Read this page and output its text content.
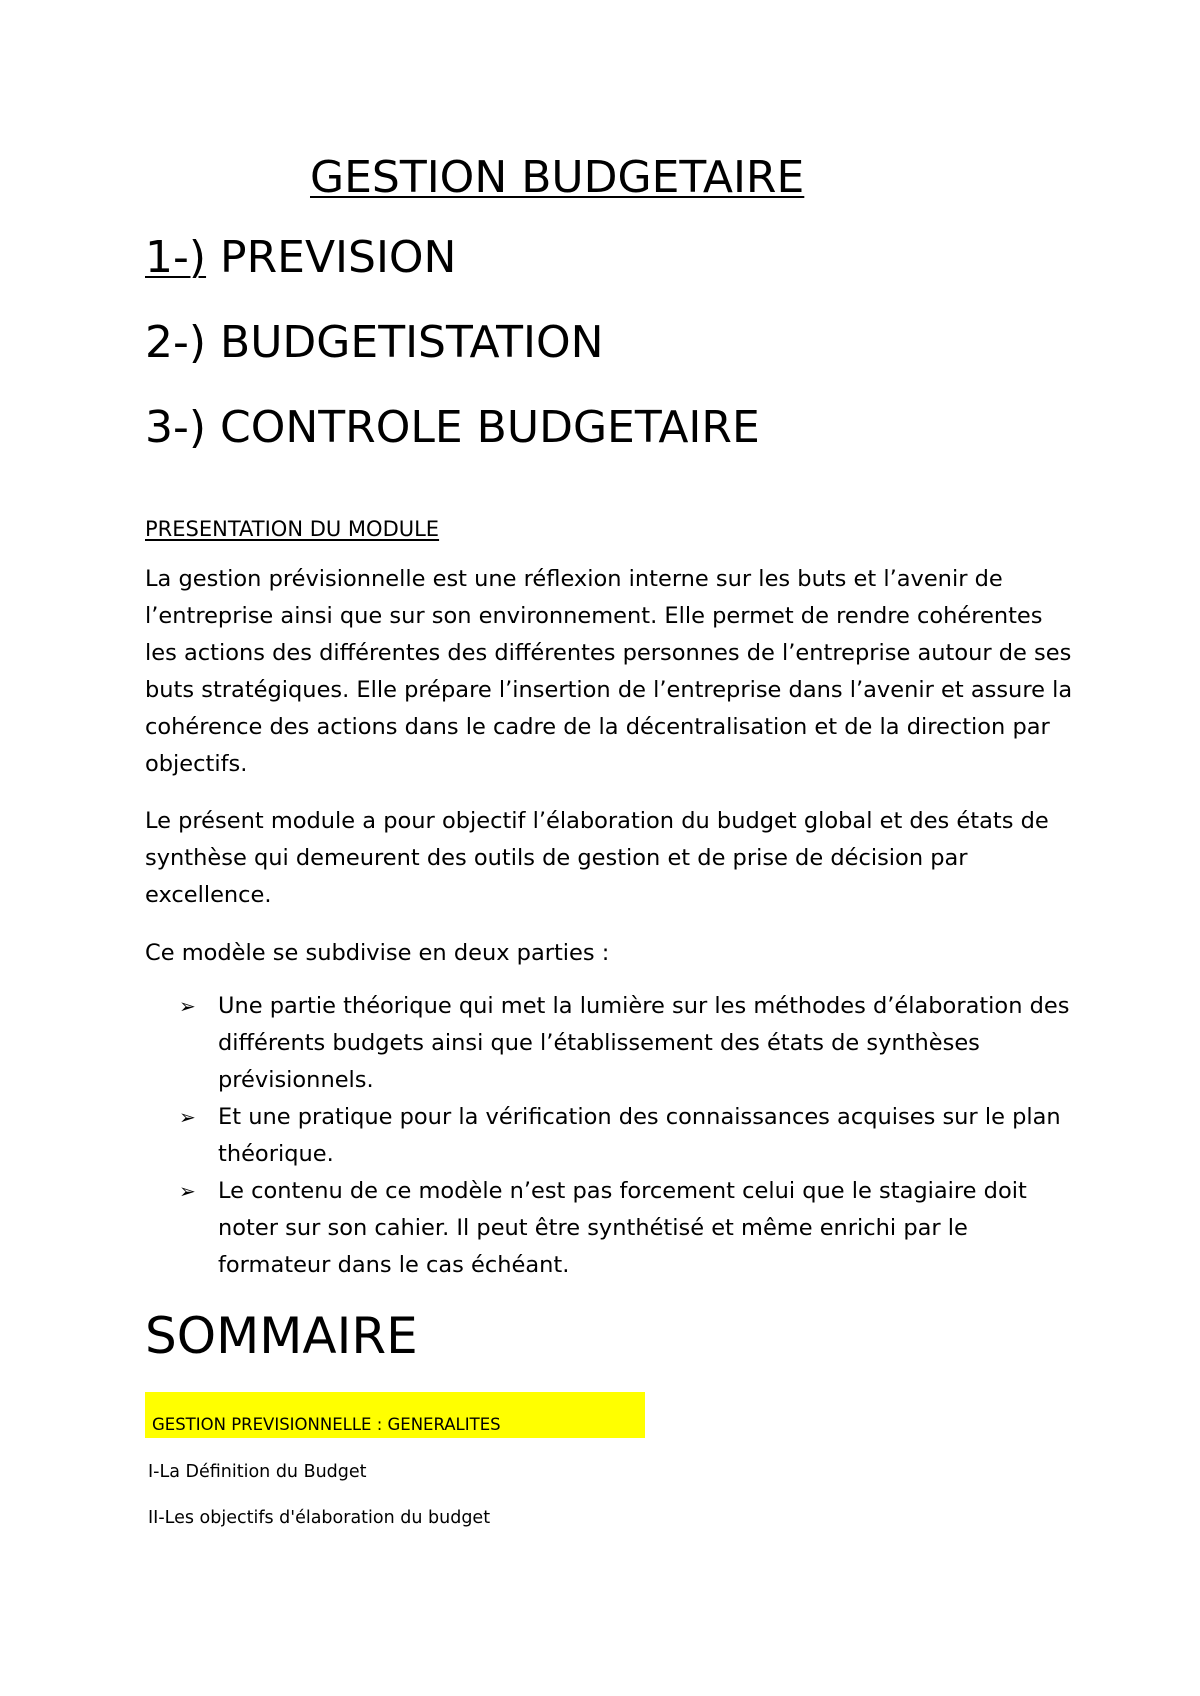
GESTION BUDGETAIRE
1-) PREVISION
2-) BUDGETISTATION
3-) CONTROLE BUDGETAIRE
PRESENTATION DU MODULE

La gestion prévisionnelle est une réflexion interne sur les buts et l’avenir de l’entreprise ainsi que sur son environnement. Elle permet de rendre cohérentes les actions des différentes des différentes personnes de l’entreprise autour de ses buts stratégiques. Elle prépare l’insertion de l’entreprise dans l’avenir et assure la cohérence des actions dans le cadre de la décentralisation et de la direction par objectifs.

Le présent module a pour objectif l’élaboration du budget global et des états de synthèse qui demeurent des outils de gestion et de prise de décision par excellence.

Ce modèle se subdivise en deux parties :

➢ Une partie théorique qui met la lumière sur les méthodes d’élaboration des différents budgets ainsi que l’établissement des états de synthèses prévisionnels.
➢ Et une pratique pour la vérification des connaissances acquises sur le plan théorique.
➢ Le contenu de ce modèle n’est pas forcement celui que le stagiaire doit noter sur son cahier. Il peut être synthétisé et même enrichi par le formateur dans le cas échéant.
SOMMAIRE
GESTION PREVISIONNELLE : GENERALITES
I-La Définition du Budget
II-Les objectifs d'élaboration du budget
